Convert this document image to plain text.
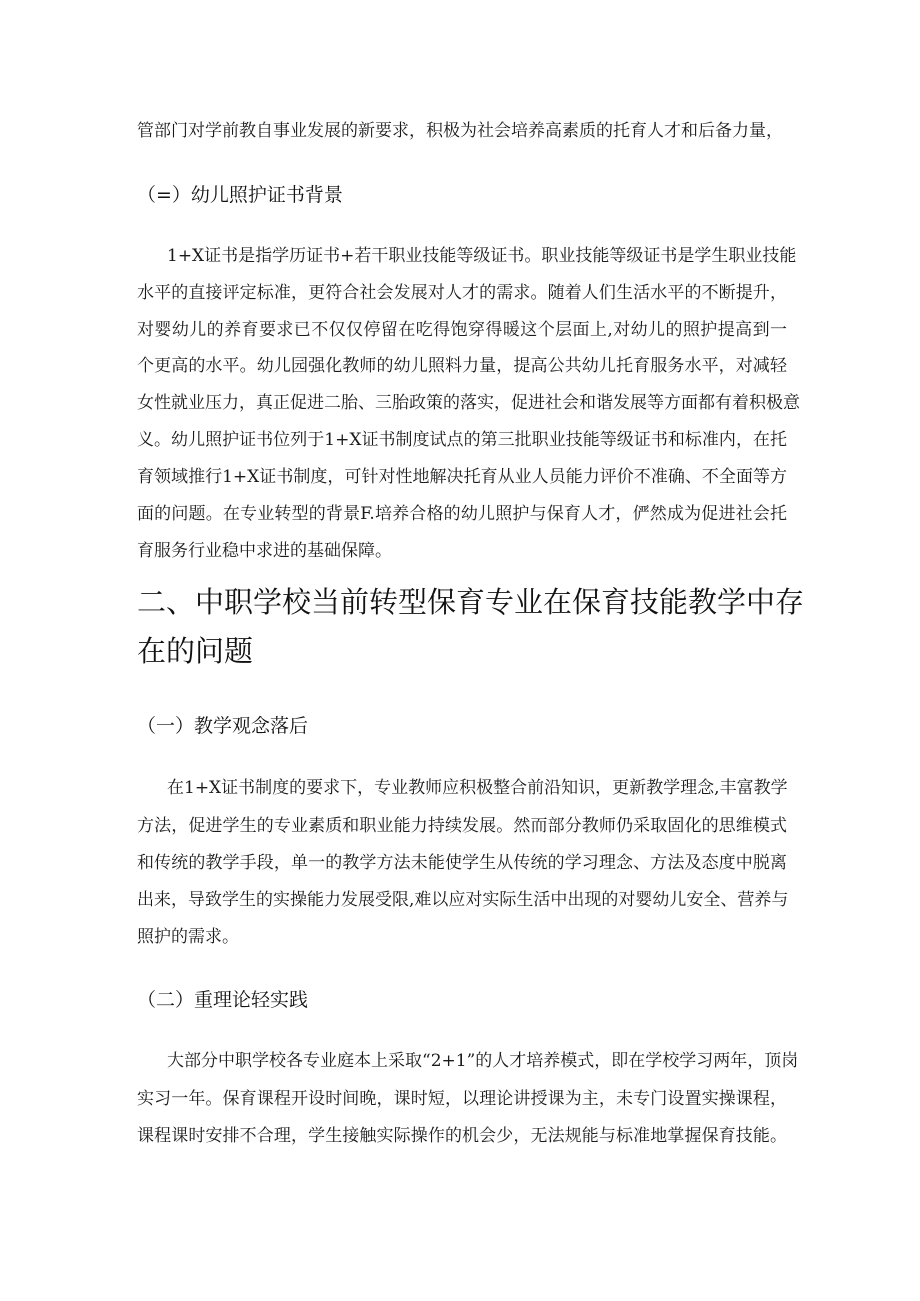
管部门对学前教自事业发展的新要求，积极为社会培养高素质的托育人才和后备力量，
（=）幼儿照护证书背景
1+X证书是指学历证书+若干职业技能等级证书。职业技能等级证书是学生职业技能
水平的直接评定标准，更符合社会发展对人才的需求。随着人们生活水平的不断提升，
对婴幼儿的养育要求已不仅仅停留在吃得饱穿得暖这个层面上,对幼儿的照护提高到一
个更高的水平。幼儿园强化教师的幼儿照料力量，提高公共幼儿托育服务水平，对减轻
女性就业压力，真正促进二胎、三胎政策的落实，促进社会和谐发展等方面都有着积极意
义。幼儿照护证书位列于1+X证书制度试点的第三批职业技能等级证书和标准内，在托
育领域推行1+X证书制度，可针对性地解决托育从业人员能力评价不准确、不全面等方
面的问题。在专业转型的背景F.培养合格的幼儿照护与保育人才，俨然成为促进社会托
育服务行业稳中求进的基础保障。
二、中职学校当前转型保育专业在保育技能教学中存
在的问题
（一）教学观念落后
在1+X证书制度的要求下，专业教师应积极整合前沿知识，更新教学理念,丰富教学
方法，促进学生的专业素质和职业能力持续发展。然而部分教师仍采取固化的思维模式
和传统的教学手段，单一的教学方法未能使学生从传统的学习理念、方法及态度中脱离
出来，导致学生的实操能力发展受限,难以应对实际生活中出现的对婴幼儿安全、营养与
照护的需求。
（二）重理论轻实践
大部分中职学校各专业庭本上采取“2+1”的人才培养模式，即在学校学习两年，顶岗
实习一年。保育课程开设时间晚，课时短，以理论讲授课为主，未专门设置实操课程，
课程课时安排不合理，学生接触实际操作的机会少，无法规能与标准地掌握保育技能。
